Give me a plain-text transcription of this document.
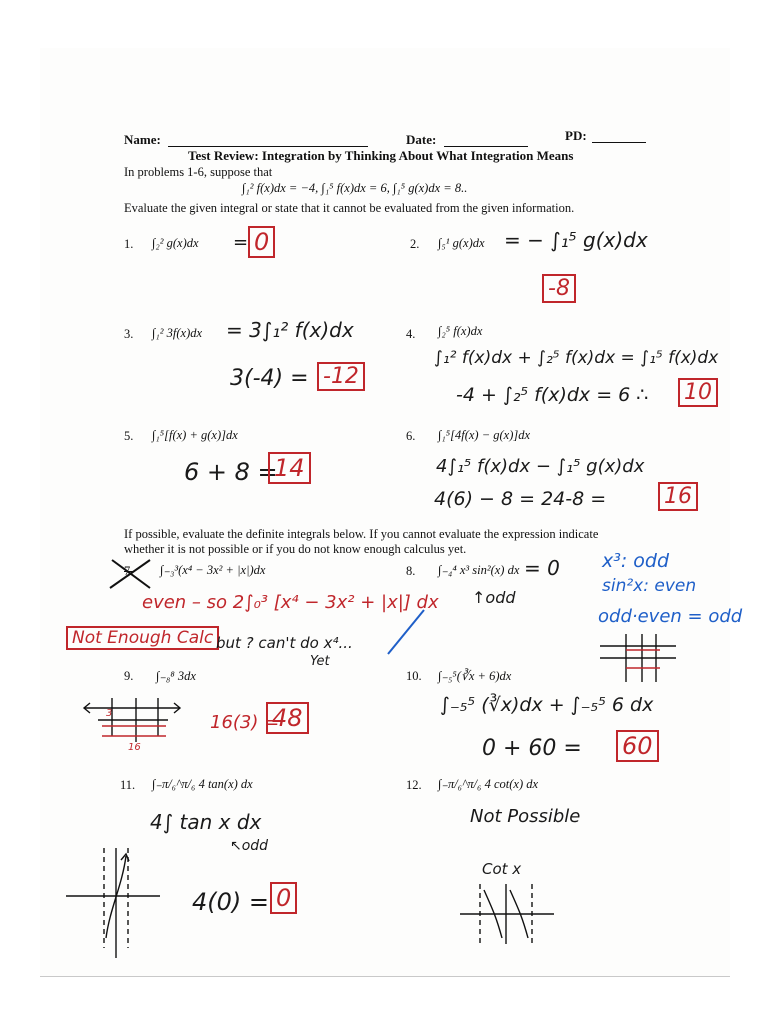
Name:	Date:	PD:
Test Review: Integration by Thinking About What Integration Means
In problems 1-6, suppose that
∫₁² f(x)dx = −4, ∫₁⁵ f(x)dx = 6, ∫₁⁵ g(x)dx = 8..
Evaluate the given integral or state that it cannot be evaluated from the given information.
1. ∫₂² g(x)dx = 0	2. ∫₅¹ g(x)dx = − ∫₁⁵ g(x)dx
-8
3. ∫₁² 3f(x)dx = 3∫₁² f(x)dx
3(-4) = -12
4. ∫₂⁵ f(x)dx
∫₁² f(x)dx + ∫₂⁵ f(x)dx = ∫₁⁵ f(x)dx
-4 + ∫₂⁵ f(x)dx = 6 ∴ 10
5. ∫₁⁵[f(x) + g(x)]dx
6 + 8 =
14
6. ∫₁⁵[4f(x) − g(x)]dx
4∫₁⁵ f(x)dx − ∫₁⁵ g(x)dx
4(6) − 8 = 24-8 =	16
If possible, evaluate the definite integrals below. If you cannot evaluate the expression indicate
whether it is not possible or if you do not know enough calculus yet.
7. ∫₋₃³(x⁴ − 3x² + |x|)dx
even – so 2∫₀³ [x⁴ − 3x² + |x|] dx
Not Enough Calc but ? can't do x⁴...
Yet
8. ∫₋₄⁴ x³ sin²(x) dx = 0
↑odd
x³: odd
sin²x: even
odd·even = odd
9. ∫₋₈⁸ 3dx
16(3) =
48
16
3
10. ∫₋₅⁵(∛x + 6)dx
∫₋₅⁵ (∛x)dx + ∫₋₅⁵ 6 dx
0 + 60 = 60
11. ∫₋π/₆^π/₆ 4 tan(x) dx
4∫ tan x dx
↖odd
4(0) = 0
12. ∫₋π/₆^π/₆ 4 cot(x) dx
Not Possible
Cot x
